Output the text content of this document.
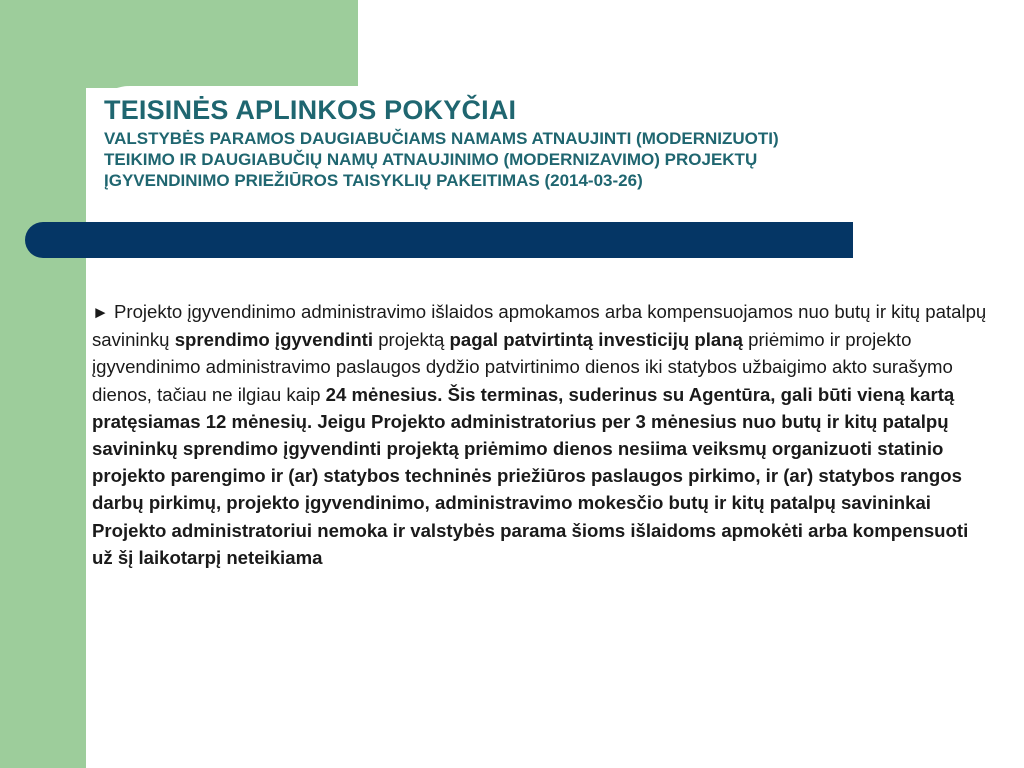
TEISINĖS APLINKOS POKYČIAI
VALSTYBĖS PARAMOS DAUGIABUČIAMS NAMAMS ATNAUJINTI (MODERNIZUOTI)
TEIKIMO IR DAUGIABUČIŲ NAMŲ ATNAUJINIMO (MODERNIZAVIMO) PROJEKTŲ
ĮGYVENDINIMO PRIEŽIŪROS TAISYKLIŲ PAKEITIMAS (2014-03-26)

► Projekto įgyvendinimo administravimo išlaidos apmokamos arba kompensuojamos nuo butų ir kitų patalpų savininkų sprendimo įgyvendinti projektą pagal patvirtintą investicijų planą priėmimo ir projekto įgyvendinimo administravimo paslaugos dydžio patvirtinimo dienos iki statybos užbaigimo akto surašymo dienos, tačiau ne ilgiau kaip 24 mėnesius. Šis terminas, suderinus su Agentūra, gali būti vieną kartą pratęsiamas 12 mėnesių. Jeigu Projekto administratorius per 3 mėnesius nuo butų ir kitų patalpų savininkų sprendimo įgyvendinti projektą priėmimo dienos nesiima veiksmų organizuoti statinio projekto parengimo ir (ar) statybos techninės priežiūros paslaugos pirkimo, ir (ar) statybos rangos darbų pirkimų, projekto įgyvendinimo, administravimo mokesčio butų ir kitų patalpų savininkai Projekto administratoriui nemoka ir valstybės parama šioms išlaidoms apmokėti arba kompensuoti už šį laikotarpį neteikiama
